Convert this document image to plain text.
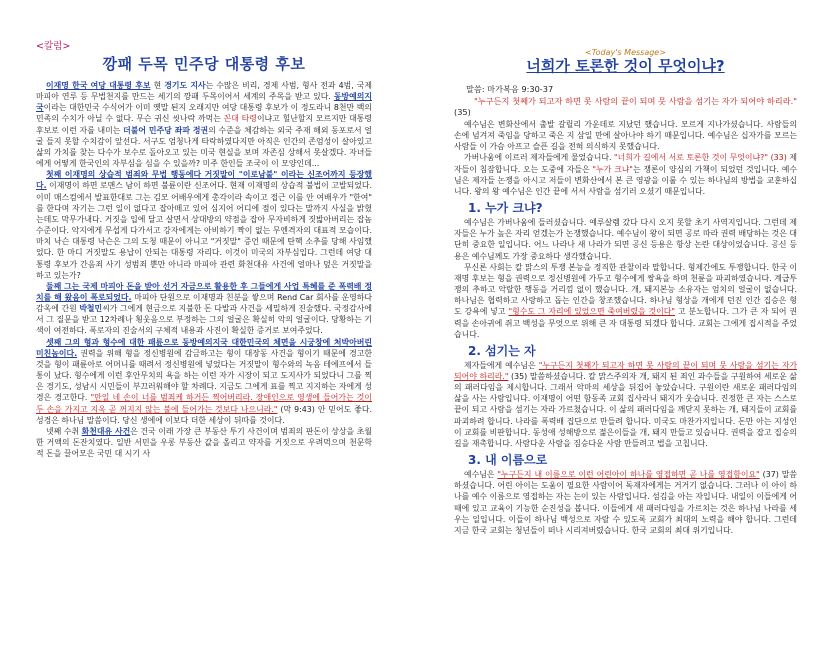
<칼럼>
깡패 두목 민주당 대통령 후보

이재명 한국 여당 대통령 후보 현 경기도 지사는 수많은 비리, 경제 사범, 형사 전과 4범, 국제 마피아 연루 등 무법천지를 만드는 세기의 깡패 두목이어서 세계의 주목을 받고 있다. 동방예의지국이라는 대한민국 수식어가 이미 옛말 된지 오래지만 여당 대통령 후보가 이 정도라니 8천만 백의민족의 수치가 아닐 수 없다. 무슨 귀신 씻나락 까먹는 꼰대 타령이냐고 힐난할지 모르지만 대통령 후보로 이런 자를 내미는 더불어 민주당 좌파 정권의 수준을 체감하는 외국 주재 해외 동포로서 얼굴 들지 못할 수치감이 앞선다. 서구도 엄청나게 타락하였다지만 아직은 인간의 존엄성이 살아있고 삶의 가치를 찾는 다수가 보수로 돌아오고 있는 미국 현실을 보며 자존심 상해서 못살겠다. 자녀들에게 어떻게 한국인의 자부심을 심을 수 있을까? 미주 한인들 조국이 이 모양인데...

첫째 이재명의 상습적 범죄와 무법 행동에다 거짓말이 "이로남불" 이라는 신조어까지 등장했다. 이재명이 하면 로맨스 남이 하면 불륜이란 신조어다. 현재 이재명의 상습적 불법이 고발되었다. 이미 매스컴에서 발표한대로 그는 김모 어배우에게 총각이라 속이고 접근 이를 안 여배우가 "한여" 를 한다며 자기는 그런 일이 없다고 잡아떼고 있어 심지어 어디에 점이 있다는 말까지 사실을 밝혔는데도 막무가내다. 거짓을 입에 달고 살면서 상대방의 약점을 잡아 무자비하게 짓밟아버리는 잡놈 수준이다. 악지에게 무섭게 다가서고 강자에게는 아비하기 짝이 없는 무엔격자의 대표적 모습이다. 마치 낙슨 대통령 낙슨은 그의 도청 때문이 아니고 "거짓말" 증언 때문에 탄핵 소추를 당해 사임했었다. 한 마디 거짓말도 용납이 안되는 대통령 자리다. 이것이 미국의 자부심입다. 그런데 여당 대통령 후보가 간음죄 사기 성범죄 뿐만 아니라 마피아 관련 화천대유 사건에 얼마나 덮은 거짓말을 하고 있는가?

둘째 그는 국제 마피아 돈을 받아 선거 자금으로 활용한 후 그들에게 사업 특혜를 준 폭력배 정치를 해 왔음이 폭로되었다. 마피아 단원으로 이재명과 친분을 쌓으며 Rend Car 회사를 운영하다 감옥에 간원 박철민씨가 그에게 현금으로 지불한 돈 다발과 사건을 세밀하게 진술했다. 국정감사에서 그 질문을 받고 12차례나 횡웃음으로 부정하는 그의 얼굴은 확실히 악의 얼굴이다. 당황하는 기색이 여전하다. 폭로자의 진술서의 구체적 내용과 사진이 확실한 증거로 보여주었다.

셋째 그의 형과 형수에 대한 패륜으로 동방예의지국 대한민국의 체면을 시궁창에 처박아버린 미친놈이다. 권력을 위해 형을 정신병원에 감금하고는 형이 대장동 사건을 형이기 때문에 경고한 것을 형이 패륜아로 어머니를 때려서 정신병원에 넣었다는 거짓말이 형수와의 녹음 테에프에서 들통이 났다. 형수에게 이런 후안무치의 욕을 하는 이런 자가 시장이 되고 도지사가 되었다니 그를 찍은 경기도, 성남시 시민들이 부끄러워해야 할 차례다. 지금도 그에게 표를 찍고 지지하는 자에게 성경은 경고한다. "만일 네 손이 너를 범죄케 하거든 찍어버리라. 장애인으로 영생에 들어가는 것이 두 손을 가지고 지옥 곧 꺼지지 않는 불에 들어가는 것보다 나으니라." (막 9:43) 안 믿어도 좋다. 성경은 하나님 말씀이다. 당신 생에에 이보다 더한 세상이 뒤따를 것이다.

넷째 수취 화천대유 사건은 건국 이래 가장 큰 부동산 투기 사건이며 범죄의 판돈이 상상을 초월한 거액의 돈잔치였다. 일반 서민을 우롱 부동산 값을 올리고 약자를 거짓으로 우려먹으며 천문학적 돈을 끌어모은 국민 대 시기 사

<Today's Message>
너희가 토론한 것이 무엇이냐?
말씀: 마가복음 9:30-37
"누구든지 첫째가 되고자 하면 못 사람의 끝이 되며 뭇 사람을 섬기는 자가 되어야 하리라." (35)

예수님은 변화산에서 출발 갈릴리 가운데로 지났던 헀습니다. 모르게 지나가셨습니다. 사람들의 손에 넘겨져 죽임을 당하고 죽은 지 삼일 만에 살아나야 하기 때문입니다. 예수님은 십자가를 모르는 사람들 이 가슴 아프고 슬픈 길을 전혀 의식하지 못했습니다.

가버나움에 이르러 제자들에게 물었습니다. "너희가 길에서 서로 토론한 것이 무엇이냐?" (33) 제자들이 침잠합니다. 오는 도중에 자들은 "누가 크냐"는 쟁론이 양심의 가책이 되었던 것입니다. 예수님은 제자들 논쟁을 아시고 저들이 변화산에서 본 큰 영광을 이룰 수 있는 하나님의 방법을 교훈하십니다. 왕의 왕 예수님은 인간 끝에 서서 사람을 섬기러 오셨기 때문입니다.

1. 누가 크냐?

예수님은 가버나움에 들러셨습니다. 예루살렘 갔다 다시 오지 못할 초기 사역지입니다. 그런데 제자들은 누가 높은 자리 얻겠는가 논쟁했습니다. 예수님이 왕이 되면 공로 따라 권력 배당하는 것은 대단히 중요한 일입니다. 어느 나라나 새 나라가 되면 공신 등용은 항상 논란 대상이었습니다. 공신 등용은 예수님께도 가장 중요하다 생각했습니다.

무신론 사회는 칼 맑스의 투쟁 본능을 정직한 관찰이라 말합니다. 형제간에도 투쟁합니다. 한국 이재명 후보는 형을 권력으로 정신병원에 가두고 형수에게 쌍욕을 하며 천륜을 파괴하였습니다. 계급투쟁의 추하고 악랄한 행동을 거리낌 없이 했습니다. 개, 돼지본능 소유자는 엄치의 얼굴이 없습니다. 하나님은 협력하고 사랑하고 돕는 인간을 창조했습니다. 하나님 형상을 개에게 던진 인간 집승은 형도 강욕에 넣고 "형수도 그 자리에 있었으면 죽여버렸을 것이다" 고 분노합니다. 그가 큰 자 되어 권력을 손아귀에 쥐고 백성을 무엇으로 위해 큰 자 대통령 되겠다 합니다. 교회는 그에게 집시적을 주었습니다.

2. 섬기는 자

제자들에게 예수님은 "누구든지 첫째가 되고자 하면 못 사람의 끝이 되며 뭇 사람을 섬기는 자가 되어야 하리라." (35) 말씀하셨습니다. 칼 맑스주의자 개, 돼지 된 죄인 과수들을 구원하여 세로운 삶의 패러다임을 제시합니다. 그래서 악마의 세상을 뒤집어 놓았습니다. 구원이란 새로운 패러다임의 삶을 사는 사람입니다. 이재명이 어떤 함동족 교회 집사라니 돼지가 웃습니다. 진정한 큰 자는 스스로 끝이 되고 사람을 섬기는 자라 가르쳤습니다. 이 삶의 패러다임을 깨닫지 못하는 개, 돼지들이 교회를 파괴하려 합니다. 나라를 폭력배 집단으로 만들려 합니다. 미국도 마찬가지입니다. 돈만 아는 지성인이 교회를 비판합니다. 동성애 성해방으로 젊은이들을 개, 돼지 만들고 있습니다. 권력을 잡고 집승의 길을 재촉합니다. 사람다운 사람을 짐승다운 사람 만들려고 법을 고칩니다.

3. 내 이름으로

예수님은 "누구든지 내 이름으로 이런 어린아이 하나를 영접하면 곧 나를 영접함이요" (37) 말씀하셨습니다. 어린 아이는 도움이 필요한 사람이어 독재자에게는 거거기 없습니다. 그러나 이 아이 하나를 예수 이름으로 영접하는 자는 는이 있는 사람입니다. 섬김을 아는 자입니다. 내일이 이들에게 어때에 있고 교육이 기능한 순진성을 봅니다. 이들에게 새 패러다임을 가르치는 것은 하나님 나라를 세우는 일입니다. 이들이 하나님 백성으로 자랄 수 있도록 교회가 최대의 노력을 해야 합니다. 그런데 지금 한국 교회는 청년들이 떠나 시리져버렸습니다. 한국 교회의 최대 위기입니다.
